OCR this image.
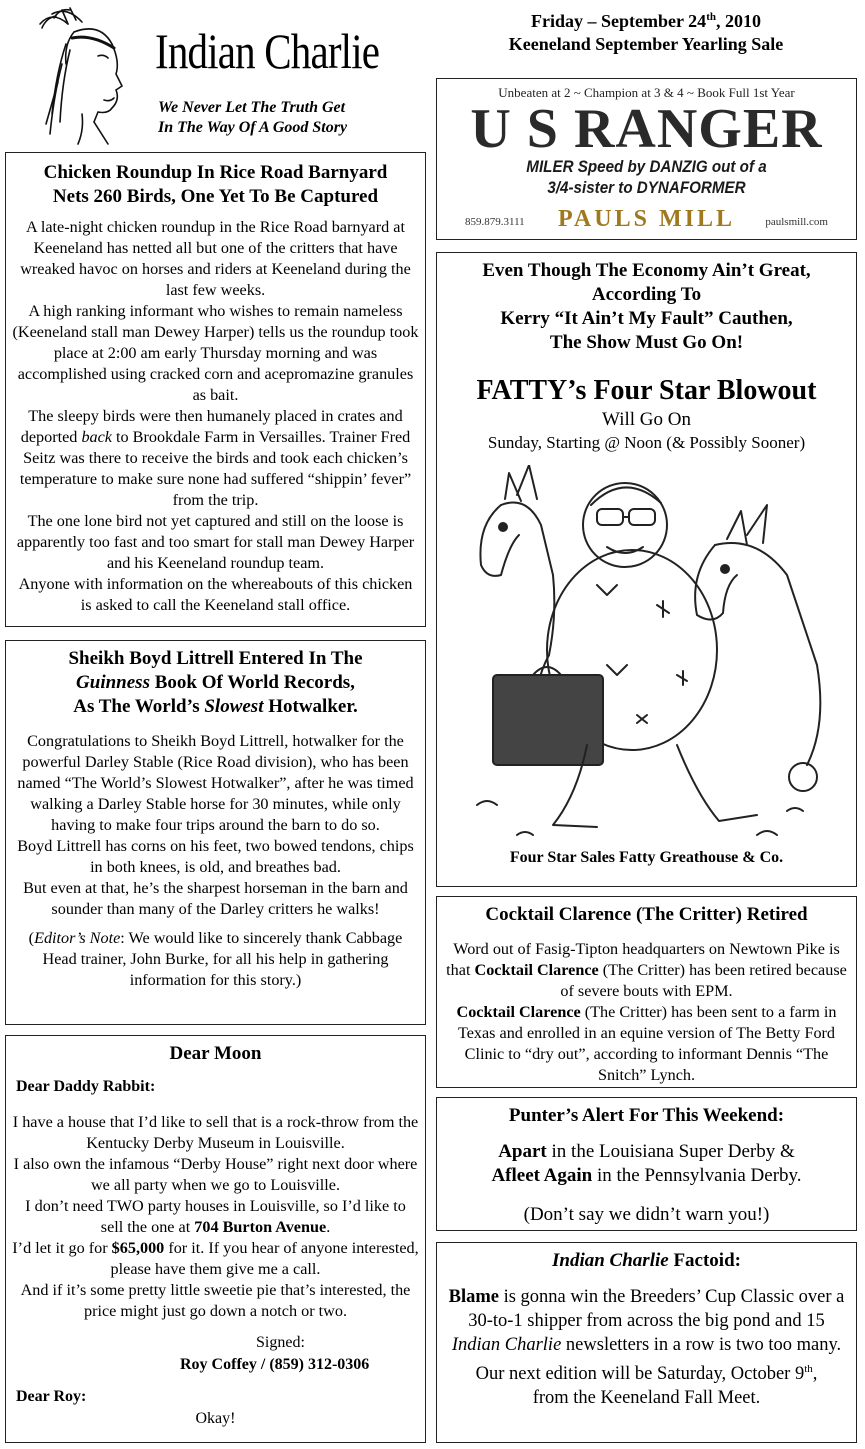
Indian Charlie
We Never Let The Truth Get
In The Way Of A Good Story
Friday – September 24th, 2010
Keeneland September Yearling Sale
Unbeaten at 2 ~ Champion at 3 & 4 ~ Book Full 1st Year
U S RANGER
MILER Speed by DANZIG out of a
3/4-sister to DYNAFORMER
859.879.3111	PAULS MILL	paulsmill.com
Chicken Roundup In Rice Road Barnyard
Nets 260 Birds, One Yet To Be Captured

A late-night chicken roundup in the Rice Road barnyard at Keeneland has netted all but one of the critters that have wreaked havoc on horses and riders at Keeneland during the last few weeks.

A high ranking informant who wishes to remain nameless (Keeneland stall man Dewey Harper) tells us the roundup took place at 2:00 am early Thursday morning and was accomplished using cracked corn and acepromazine granules as bait.

The sleepy birds were then humanely placed in crates and deported back to Brookdale Farm in Versailles. Trainer Fred Seitz was there to receive the birds and took each chicken’s temperature to make sure none had suffered “shippin’ fever” from the trip.

The one lone bird not yet captured and still on the loose is apparently too fast and too smart for stall man Dewey Harper and his Keeneland roundup team.

Anyone with information on the whereabouts of this chicken is asked to call the Keeneland stall office.

Even Though The Economy Ain’t Great,
According To
Kerry “It Ain’t My Fault” Cauthen,
The Show Must Go On!
FATTY’s Four Star Blowout
Will Go On
Sunday, Starting @ Noon (& Possibly Sooner)
Four Star Sales Fatty Greathouse & Co.
Sheikh Boyd Littrell Entered In The
Guinness Book Of World Records,
As The World’s Slowest Hotwalker.

Congratulations to Sheikh Boyd Littrell, hotwalker for the powerful Darley Stable (Rice Road division), who has been named “The World’s Slowest Hotwalker”, after he was timed walking a Darley Stable horse for 30 minutes, while only having to make four trips around the barn to do so.

Boyd Littrell has corns on his feet, two bowed tendons, chips in both knees, is old, and breathes bad.

But even at that, he’s the sharpest horseman in the barn and sounder than many of the Darley critters he walks!

(Editor’s Note: We would like to sincerely thank Cabbage Head trainer, John Burke, for all his help in gathering information for this story.)

Cocktail Clarence (The Critter) Retired

Word out of Fasig-Tipton headquarters on Newtown Pike is that Cocktail Clarence (The Critter) has been retired because of severe bouts with EPM.

Cocktail Clarence (The Critter) has been sent to a farm in Texas and enrolled in an equine version of The Betty Ford Clinic to “dry out”, according to informant Dennis “The Snitch” Lynch.

Dear Moon
Dear Daddy Rabbit:

I have a house that I’d like to sell that is a rock-throw from the Kentucky Derby Museum in Louisville.

I also own the infamous “Derby House” right next door where we all party when we go to Louisville.

I don’t need TWO party houses in Louisville, so I’d like to sell the one at 704 Burton Avenue.

I’d let it go for $65,000 for it. If you hear of anyone interested, please have them give me a call.

And if it’s some pretty little sweetie pie that’s interested, the price might just go down a notch or two.

Signed:
Roy Coffey / (859) 312-0306
Dear Roy:
Okay!
Punter’s Alert For This Weekend:
Apart in the Louisiana Super Derby &
Afleet Again in the Pennsylvania Derby.
(Don’t say we didn’t warn you!)
Indian Charlie Factoid:

Blame is gonna win the Breeders’ Cup Classic over a 30-to-1 shipper from across the big pond and 15 Indian Charlie newsletters in a row is two too many.

Our next edition will be Saturday, October 9th,
from the Keeneland Fall Meet.
